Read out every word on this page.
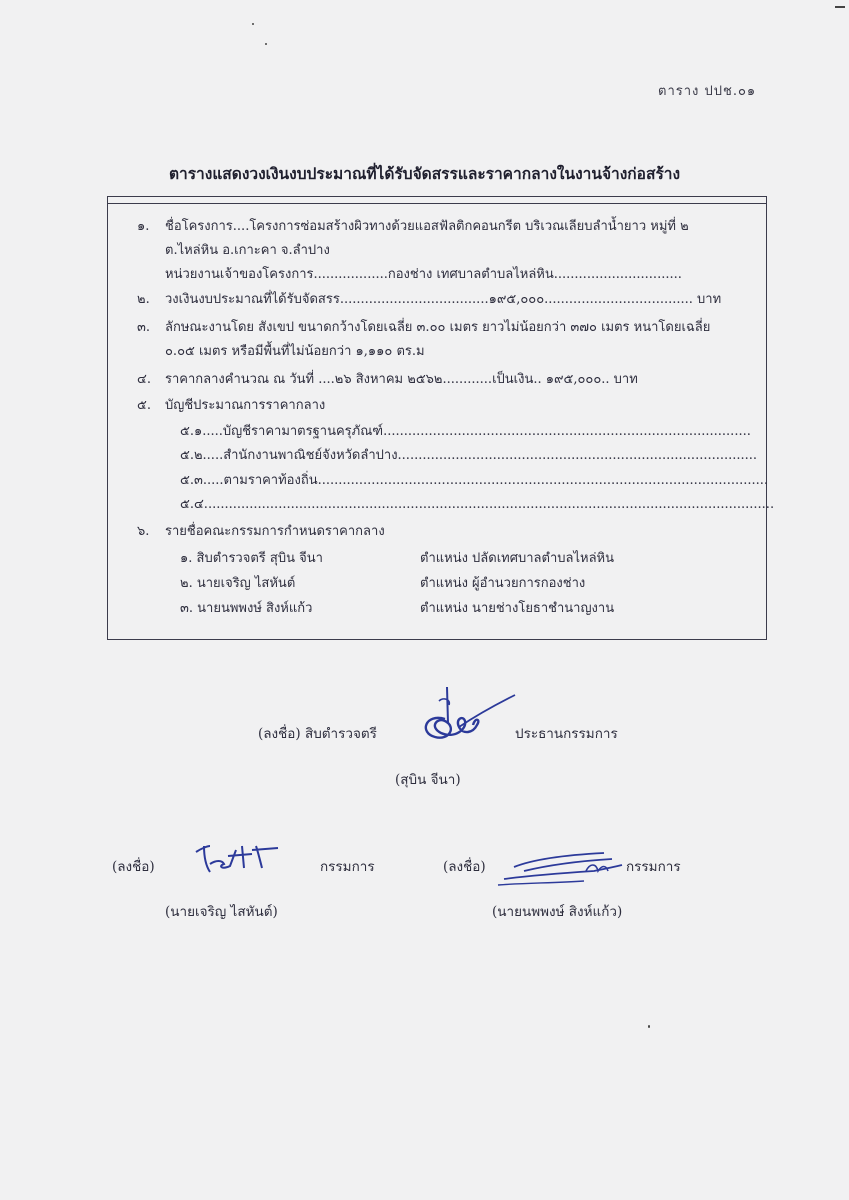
ตาราง ปปช.๐๑
ตารางแสดงวงเงินงบประมาณที่ได้รับจัดสรรและราคากลางในงานจ้างก่อสร้าง
๑. ชื่อโครงการ....โครงการซ่อมสร้างผิวทางด้วยแอสฟัลติกคอนกรีต บริเวณเลียบลำน้ำยาว หมู่ที่ ๒
ต.ไหล่หิน อ.เกาะคา จ.ลำปาง
หน่วยงานเจ้าของโครงการ..................กองช่าง เทศบาลตำบลไหล่หิน...............................
๒. วงเงินงบประมาณที่ได้รับจัดสรร....................................๑๙๕,๐๐๐.................................... บาท
๓. ลักษณะงานโดย สังเขป ขนาดกว้างโดยเฉลี่ย ๓.๐๐ เมตร ยาวไม่น้อยกว่า ๓๗๐ เมตร หนาโดยเฉลี่ย
๐.๐๕ เมตร หรือมีพื้นที่ไม่น้อยกว่า ๑,๑๑๐ ตร.ม
๔. ราคากลางคำนวณ ณ วันที่ ....๒๖ สิงหาคม ๒๕๖๒............เป็นเงิน.. ๑๙๕,๐๐๐.. บาท
๕. บัญชีประมาณการราคากลาง
๕.๑.....บัญชีราคามาตรฐานครุภัณฑ์.........................................................................................
๕.๒.....สำนักงานพาณิชย์จังหวัดลำปาง.......................................................................................
๕.๓.....ตามราคาท้องถิ่น.............................................................................................................
๕.๔..........................................................................................................................................
๖. รายชื่อคณะกรรมการกำหนดราคากลาง
๑. สิบตำรวจตรี สุบิน จีนา	ตำแหน่ง ปลัดเทศบาลตำบลไหล่หิน
๒. นายเจริญ ไสหันต์	ตำแหน่ง ผู้อำนวยการกองช่าง
๓. นายนพพงษ์ สิงห์แก้ว	ตำแหน่ง นายช่างโยธาชำนาญงาน
(ลงชื่อ) สิบตำรวจตรี	ประธานกรรมการ
(สุบิน จีนา)
(ลงชื่อ)	กรรมการ
(นายเจริญ ไสหันต์)
(ลงชื่อ)	กรรมการ
(นายนพพงษ์ สิงห์แก้ว)
